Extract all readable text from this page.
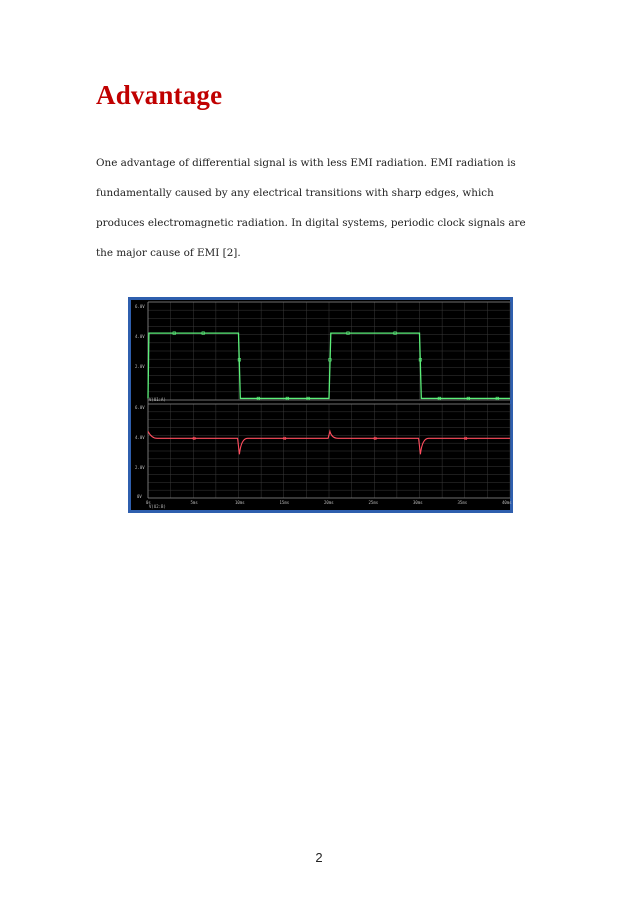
Advantage

One advantage of differential signal is with less EMI radiation. EMI radiation is
fundamentally caused by any electrical transitions with sharp edges, which
produces electromagnetic radiation. In digital systems, periodic clock signals are
the major cause of EMI [2].

6.0V
4.0V
2.0V
V(U1:A)
6.0V
4.0V
2.0V
0V
V(U2:B)
0s	5ms	10ms	15ms	20ms	25ms	30ms	35ms	40ms
2
